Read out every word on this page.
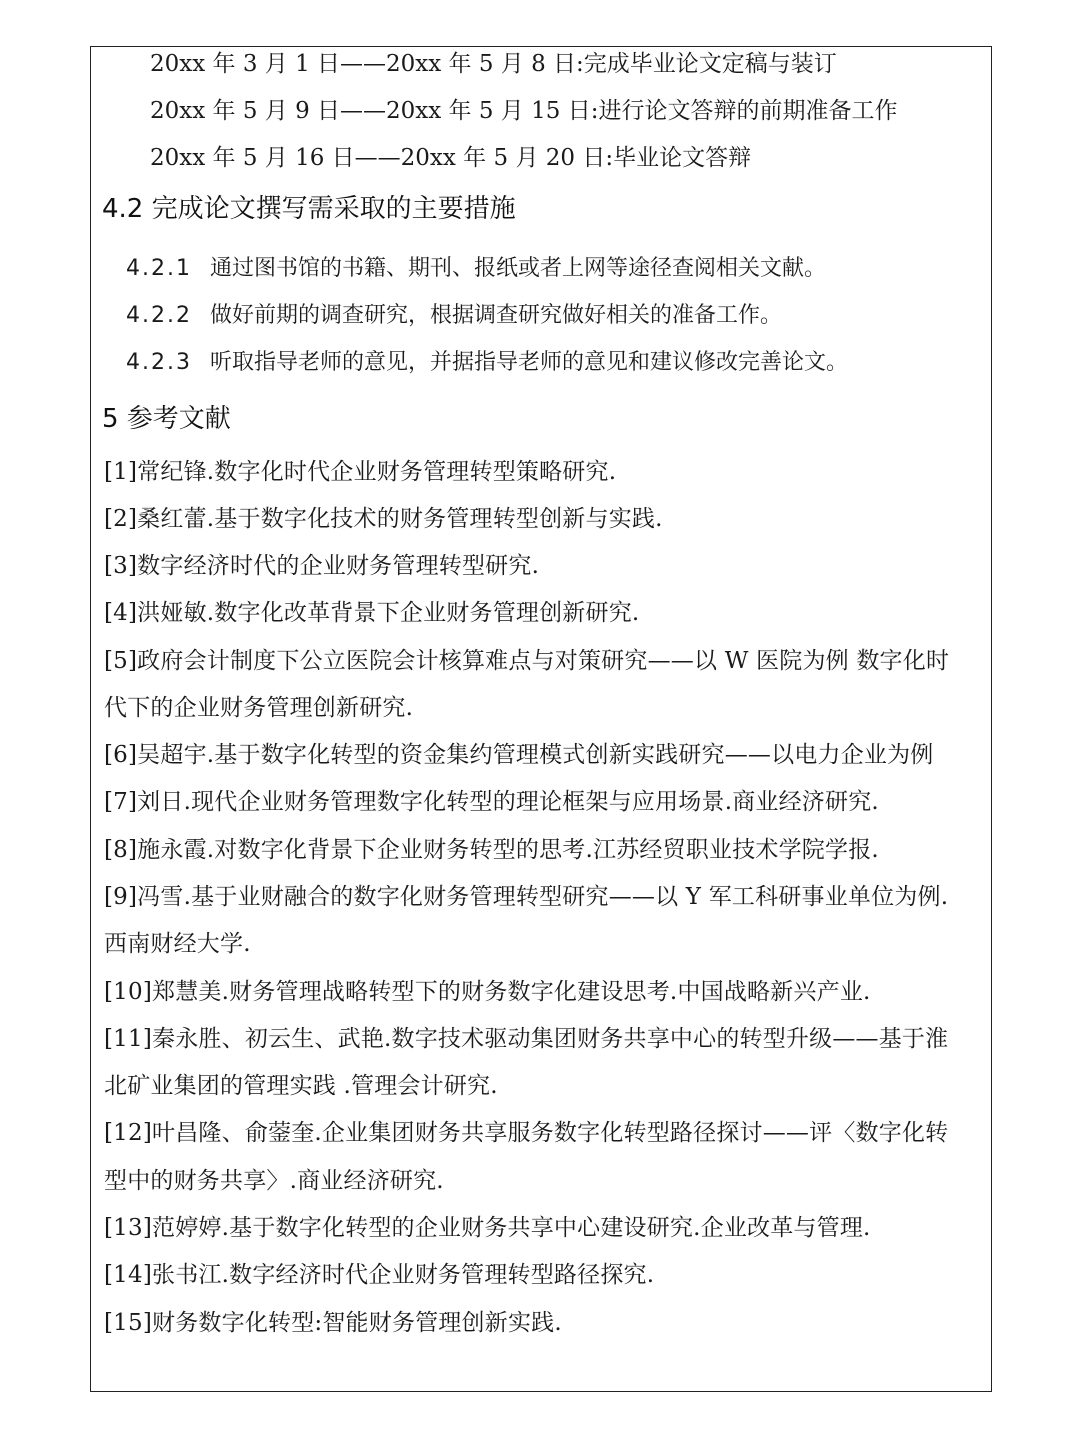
20xx 年 3 月 1 日——20xx 年 5 月 8 日:完成毕业论文定稿与装订
20xx 年 5 月 9 日——20xx 年 5 月 15 日:进行论文答辩的前期准备工作
20xx 年 5 月 16 日——20xx 年 5 月 20 日:毕业论文答辩
4.2 完成论文撰写需采取的主要措施
4.2.1 通过图书馆的书籍、期刊、报纸或者上网等途径查阅相关文献。
4.2.2 做好前期的调查研究，根据调查研究做好相关的准备工作。
4.2.3 听取指导老师的意见，并据指导老师的意见和建议修改完善论文。
5 参考文献
[1]常纪锋.数字化时代企业财务管理转型策略研究.
[2]桑红蕾.基于数字化技术的财务管理转型创新与实践.
[3]数字经济时代的企业财务管理转型研究.
[4]洪娅敏.数字化改革背景下企业财务管理创新研究.
[5]政府会计制度下公立医院会计核算难点与对策研究——以 W 医院为例 数字化时
代下的企业财务管理创新研究.
[6]吴超宇.基于数字化转型的资金集约管理模式创新实践研究——以电力企业为例
[7]刘日.现代企业财务管理数字化转型的理论框架与应用场景.商业经济研究.
[8]施永霞.对数字化背景下企业财务转型的思考.江苏经贸职业技术学院学报.
[9]冯雪.基于业财融合的数字化财务管理转型研究——以 Y 军工科研事业单位为例.
西南财经大学.
[10]郑慧美.财务管理战略转型下的财务数字化建设思考.中国战略新兴产业.
[11]秦永胜、初云生、武艳.数字技术驱动集团财务共享中心的转型升级——基于淮
北矿业集团的管理实践 .管理会计研究.
[12]叶昌隆、俞蓥奎.企业集团财务共享服务数字化转型路径探讨——评〈数字化转
型中的财务共享〉.商业经济研究.
[13]范婷婷.基于数字化转型的企业财务共享中心建设研究.企业改革与管理.
[14]张书江.数字经济时代企业财务管理转型路径探究.
[15]财务数字化转型:智能财务管理创新实践.
